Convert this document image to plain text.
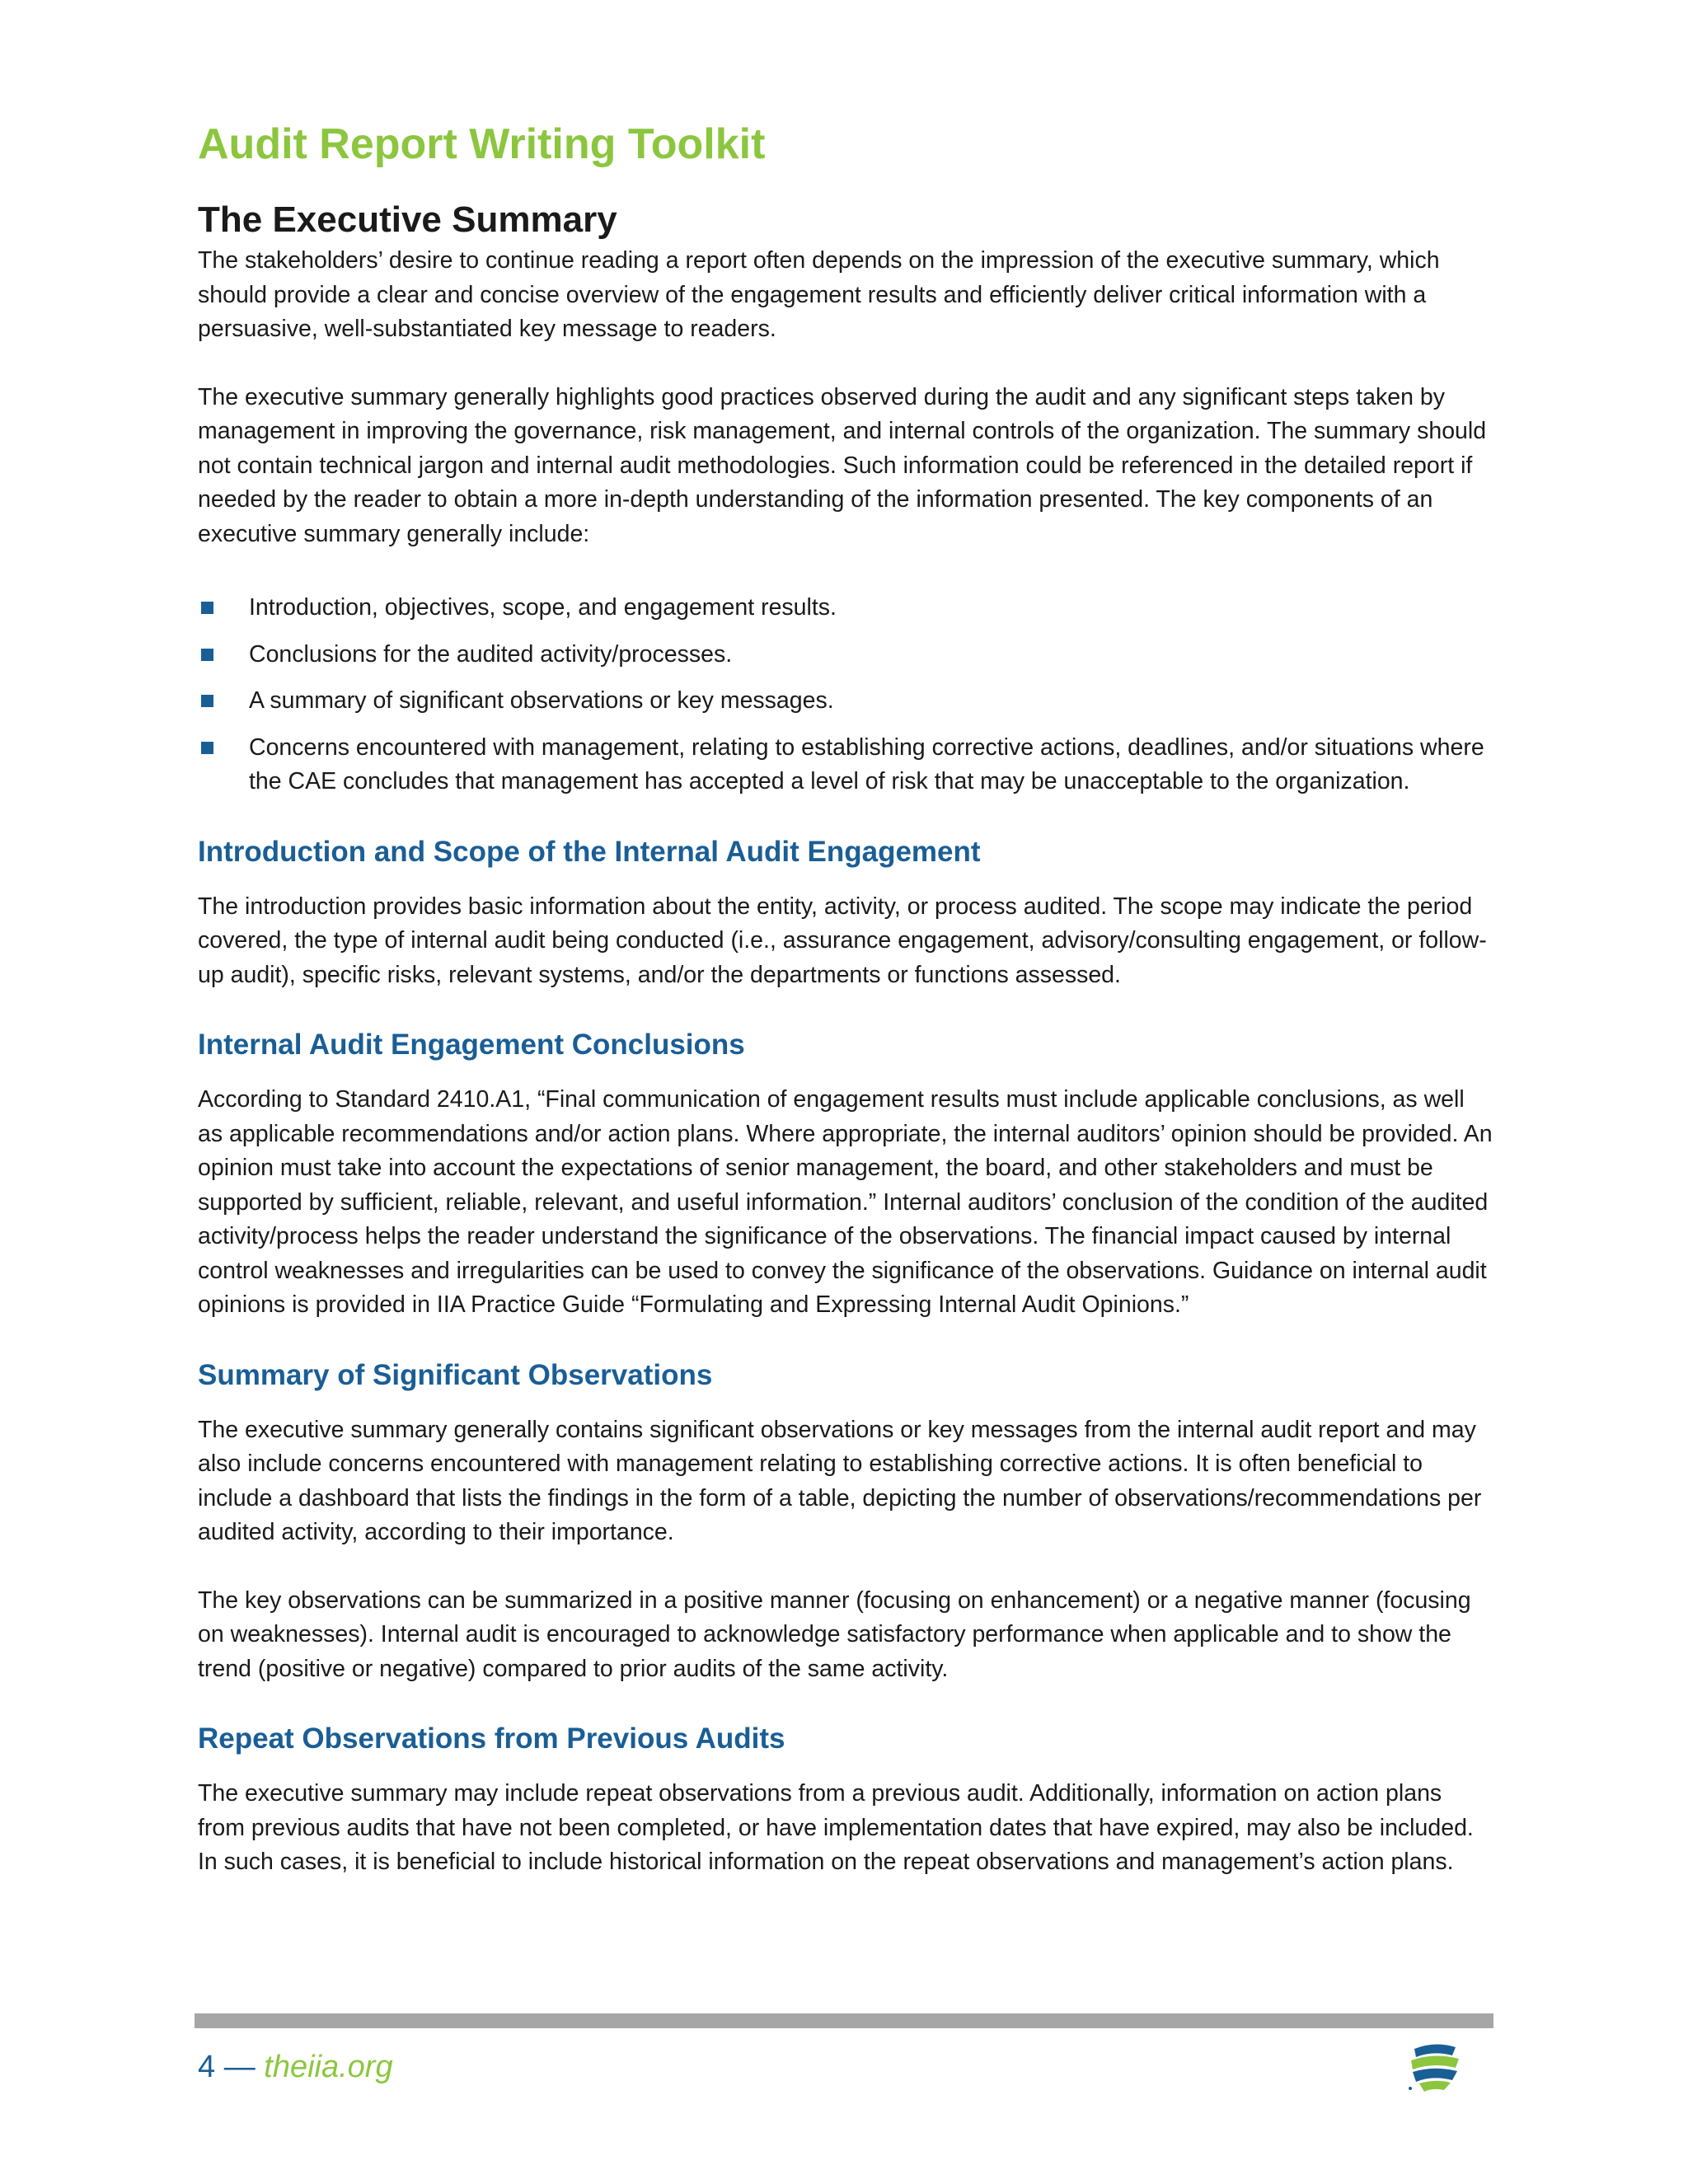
Audit Report Writing Toolkit
The Executive Summary

The stakeholders’ desire to continue reading a report often depends on the impression of the executive summary, which should provide a clear and concise overview of the engagement results and efficiently deliver critical information with a persuasive, well-substantiated key message to readers.

The executive summary generally highlights good practices observed during the audit and any significant steps taken by management in improving the governance, risk management, and internal controls of the organization. The summary should not contain technical jargon and internal audit methodologies. Such information could be referenced in the detailed report if needed by the reader to obtain a more in-depth understanding of the information presented. The key components of an executive summary generally include:

Introduction, objectives, scope, and engagement results.
Conclusions for the audited activity/processes.
A summary of significant observations or key messages.
Concerns encountered with management, relating to establishing corrective actions, deadlines, and/or situations where the CAE concludes that management has accepted a level of risk that may be unacceptable to the organization.
Introduction and Scope of the Internal Audit Engagement

The introduction provides basic information about the entity, activity, or process audited. The scope may indicate the period covered, the type of internal audit being conducted (i.e., assurance engagement, advisory/consulting engagement, or follow-up audit), specific risks, relevant systems, and/or the departments or functions assessed.

Internal Audit Engagement Conclusions

According to Standard 2410.A1, “Final communication of engagement results must include applicable conclusions, as well as applicable recommendations and/or action plans. Where appropriate, the internal auditors’ opinion should be provided. An opinion must take into account the expectations of senior management, the board, and other stakeholders and must be supported by sufficient, reliable, relevant, and useful information.” Internal auditors’ conclusion of the condition of the audited activity/process helps the reader understand the significance of the observations. The financial impact caused by internal control weaknesses and irregularities can be used to convey the significance of the observations. Guidance on internal audit opinions is provided in IIA Practice Guide “Formulating and Expressing Internal Audit Opinions.”

Summary of Significant Observations

The executive summary generally contains significant observations or key messages from the internal audit report and may also include concerns encountered with management relating to establishing corrective actions. It is often beneficial to include a dashboard that lists the findings in the form of a table, depicting the number of observations/recommendations per audited activity, according to their importance.

The key observations can be summarized in a positive manner (focusing on enhancement) or a negative manner (focusing on weaknesses). Internal audit is encouraged to acknowledge satisfactory performance when applicable and to show the trend (positive or negative) compared to prior audits of the same activity.

Repeat Observations from Previous Audits

The executive summary may include repeat observations from a previous audit. Additionally, information on action plans from previous audits that have not been completed, or have implementation dates that have expired, may also be included. In such cases, it is beneficial to include historical information on the repeat observations and management’s action plans.

4 — theiia.org
